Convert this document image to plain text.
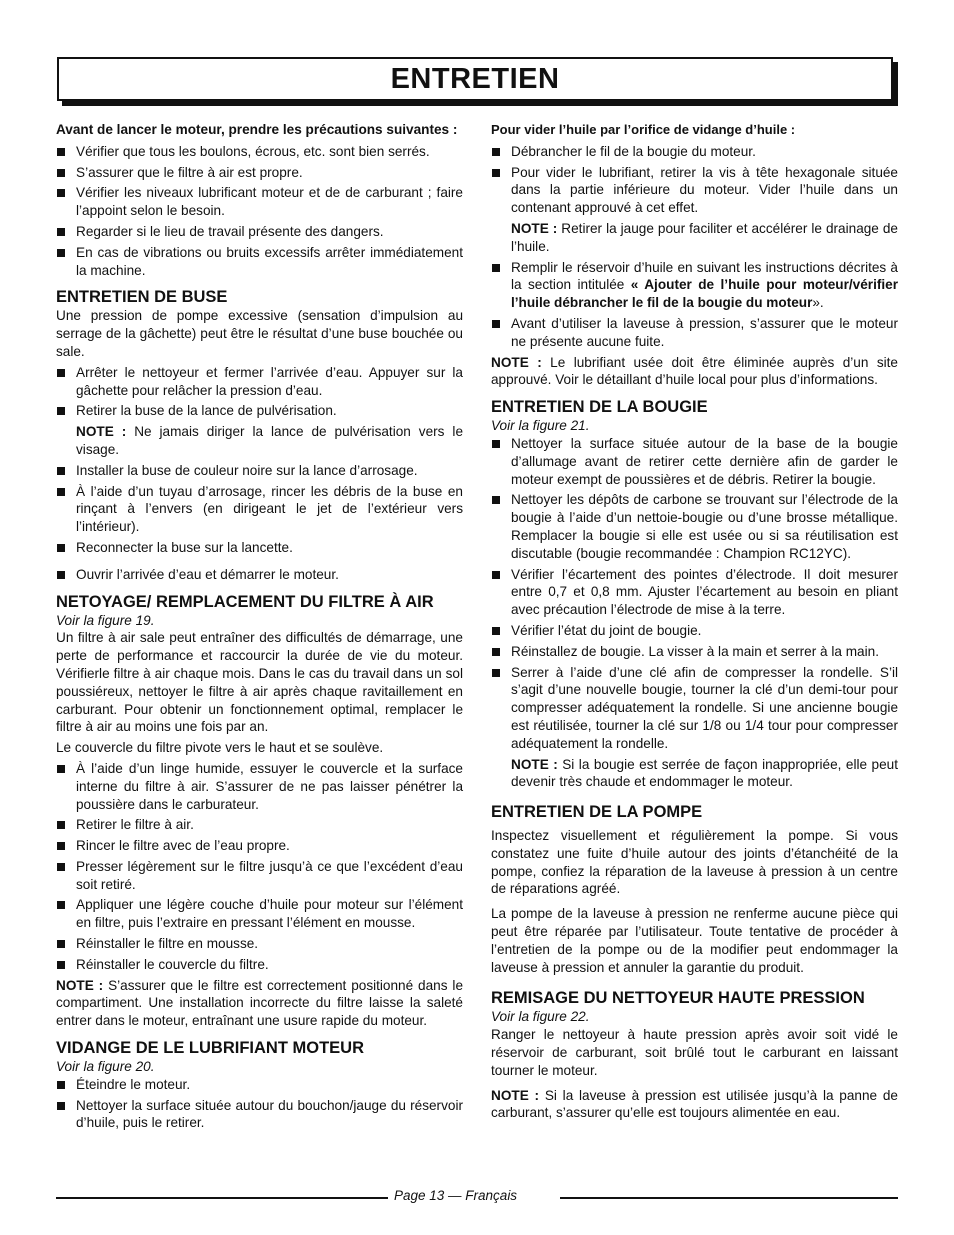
ENTRETIEN

Avant de lancer le moteur, prendre les précautions suivantes :

Vérifier que tous les boulons, écrous, etc. sont bien serrés.
S’assurer que le filtre à air est propre.
Vérifier les niveaux lubrificant moteur et de de carburant ; faire l’appoint selon le besoin.
Regarder si le lieu de travail présente des dangers.
En cas de vibrations ou bruits excessifs arrêter immédiatement la machine.
ENTRETIEN DE BUSE

Une pression de pompe excessive (sensation d’impulsion au serrage de la gâchette) peut être le résultat d’une buse bouchée ou sale.

Arrêter le nettoyeur et fermer l’arrivée d’eau. Appuyer sur la gâchette pour relâcher la pression d’eau.
Retirer la buse de la lance de pulvérisation.

NOTE : Ne jamais diriger la lance de pulvérisation vers le visage.

Installer la buse de couleur noire sur la lance d’arrosage.
À l’aide d’un tuyau d’arrosage, rincer les débris de la buse en rinçant à l’envers (en dirigeant le jet de l’extérieur vers l’intérieur).
Reconnecter la buse sur la lancette.
Ouvrir l’arrivée d’eau et démarrer le moteur.
NETOYAGE/ REMPLACEMENT DU FILTRE À AIR

Voir la figure 19.

Un filtre à air sale peut entraîner des difficultés de démarrage, une perte de performance et raccourcir la durée de vie du moteur. Vérifierle filtre à air chaque mois. Dans le cas du travail dans un sol poussiéreux, nettoyer le filtre à air après chaque ravitaillement en carburant. Pour obtenir un fonctionnement optimal, remplacer le filtre à air au moins une fois par an.

Le couvercle du filtre pivote vers le haut et se soulève.

À l’aide d’un linge humide, essuyer le couvercle et la surface interne du filtre à air. S’assurer de ne pas laisser pénétrer la poussière dans le carburateur.
Retirer le filtre à air.
Rincer le filtre avec de l’eau propre.
Presser légèrement sur le filtre jusqu’à ce que l’excédent d’eau soit retiré.
Appliquer une légère couche d’huile pour moteur sur l’élément en filtre, puis l’extraire en pressant l’élément en mousse.
Réinstaller le filtre en mousse.
Réinstaller le couvercle du filtre.

NOTE : S’assurer que le filtre est correctement positionné dans le compartiment. Une installation incorrecte du filtre laisse la saleté entrer dans le moteur, entraînant une usure rapide du moteur.

VIDANGE DE LE LUBRIFIANT MOTEUR

Voir la figure 20.

Éteindre le moteur.
Nettoyer la surface située autour du bouchon/jauge du réservoir d’huile, puis le retirer.

Pour vider l’huile par l’orifice de vidange d’huile :

Débrancher le fil de la bougie du moteur.
Pour vider le lubrifiant, retirer la vis à tête hexagonale située dans la partie inférieure du moteur. Vider l’huile dans un contenant approuvé à cet effet.

NOTE : Retirer la jauge pour faciliter et accélérer le drainage de l’huile.

Remplir le réservoir d’huile en suivant les instructions décrites à la section intitulée « Ajouter de l’huile pour moteur/vérifier l’huile débrancher le fil de la bougie du moteur».
Avant d’utiliser la laveuse à pression, s’assurer que le moteur ne présente aucune fuite.

NOTE : Le lubrifiant usée doit être éliminée auprès d’un site approuvé. Voir le détaillant d’huile local pour plus d’informations.

ENTRETIEN DE LA BOUGIE

Voir la figure 21.

Nettoyer la surface située autour de la base de la bougie d’allumage avant de retirer cette dernière afin de garder le moteur exempt de poussières et de débris. Retirer la bougie.
Nettoyer les dépôts de carbone se trouvant sur l’électrode de la bougie à l’aide d’un nettoie-bougie ou d’une brosse métallique. Remplacer la bougie si elle est usée ou si sa réutilisation est discutable (bougie recommandée : Champion RC12YC).
Vérifier l’écartement des pointes d’électrode. Il doit mesurer entre 0,7 et 0,8 mm. Ajuster l’écartement au besoin en pliant avec précaution l’électrode de mise à la terre.
Vérifier l’état du joint de bougie.
Réinstallez de bougie. La visser à la main et serrer à la main.
Serrer à l’aide d’une clé afin de compresser la rondelle. S’il s’agit d’une nouvelle bougie, tourner la clé d’un demi-tour pour compresser adéquatement la rondelle. Si une ancienne bougie est réutilisée, tourner la clé sur 1/8 ou 1/4 tour pour compresser adéquatement la rondelle.

NOTE : Si la bougie est serrée de façon inappropriée, elle peut devenir très chaude et endommager le moteur.

ENTRETIEN DE LA POMPE

Inspectez visuellement et régulièrement la pompe. Si vous constatez une fuite d’huile autour des joints d’étanchéité de la pompe, confiez la réparation de la laveuse à pression à un centre de réparations agréé.

La pompe de la laveuse à pression ne renferme aucune pièce qui peut être réparée par l’utilisateur. Toute tentative de procéder à l’entretien de la pompe ou de la modifier peut endommager la laveuse à pression et annuler la garantie du produit.

REMISAGE DU NETTOYEUR HAUTE PRESSION

Voir la figure 22.

Ranger le nettoyeur à haute pression après avoir soit vidé le réservoir de carburant, soit brûlé tout le carburant en laissant tourner le moteur.

NOTE : Si la laveuse à pression est utilisée jusqu’à la panne de carburant, s’assurer qu’elle est toujours alimentée en eau.

Page 13 — Français
